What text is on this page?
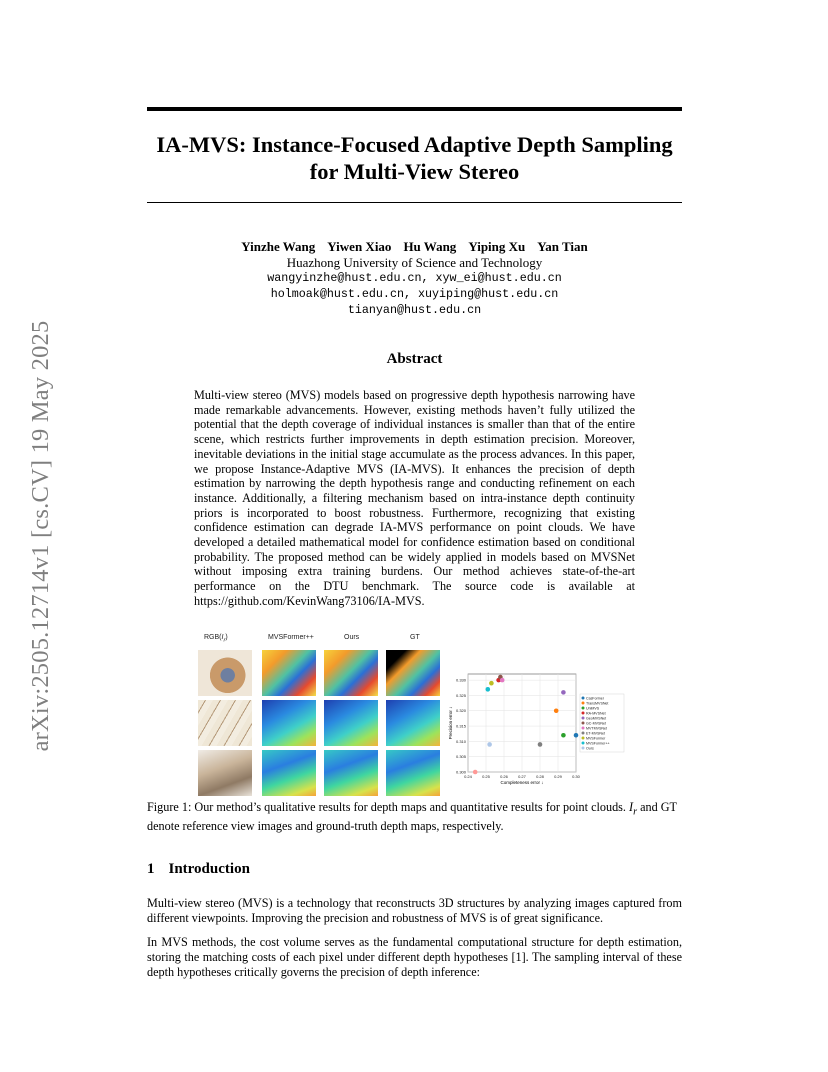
IA-MVS: Instance-Focused Adaptive Depth Sampling
for Multi-View Stereo
arXiv:2505.12714v1 [cs.CV] 19 May 2025
Yinzhe Wang Yiwen Xiao Hu Wang Yiping Xu Yan Tian
Huazhong University of Science and Technology
wangyinzhe@hust.edu.cn, xyw_ei@hust.edu.cn
holmoak@hust.edu.cn, xuyiping@hust.edu.cn
tianyan@hust.edu.cn
Abstract
Multi-view stereo (MVS) models based on progressive depth hypothesis narrowing have made remarkable advancements. However, existing methods haven’t fully utilized the potential that the depth coverage of individual instances is smaller than that of the entire scene, which restricts further improvements in depth estimation precision. Moreover, inevitable deviations in the initial stage accumulate as the process advances. In this paper, we propose Instance-Adaptive MVS (IA-MVS). It enhances the precision of depth estimation by narrowing the depth hypothesis range and conducting refinement on each instance. Additionally, a filtering mechanism based on intra-instance depth continuity priors is incorporated to boost robustness. Furthermore, recognizing that existing confidence estimation can degrade IA-MVS performance on point clouds. We have developed a detailed mathematical model for confidence estimation based on conditional probability. The proposed method can be widely applied in models based on MVSNet without imposing extra training burdens. Our method achieves state-of-the-art performance on the DTU benchmark. The source code is available at https://github.com/KevinWang73106/IA-MVS.
$RGB(I_r)$	MVSFormer++	Ours	GT
0.24	0.25	0.26	0.27	0.28	0.29	0.30
0.300
0.305
0.310
0.315
0.320
0.325
0.330
Completeness error ↓
Precision error ↓
CasFormer
TransMVSNet
UniMVS
RA-MVSNet
GeoMVSNet
GC-MVSNet
MVTMVSNet
ET-MVSNet
MVSFormer
MVSFormer++
Ours
Figure 1: Our method’s qualitative results for depth maps and quantitative results for point clouds. $I_r$ and GT denote reference view images and ground-truth depth maps, respectively.
1 Introduction
Multi-view stereo (MVS) is a technology that reconstructs 3D structures by analyzing images captured from different viewpoints. Improving the precision and robustness of MVS is of great significance.
In MVS methods, the cost volume serves as the fundamental computational structure for depth estimation, storing the matching costs of each pixel under different depth hypotheses [1]. The sampling interval of these depth hypotheses critically governs the precision of depth inference:
